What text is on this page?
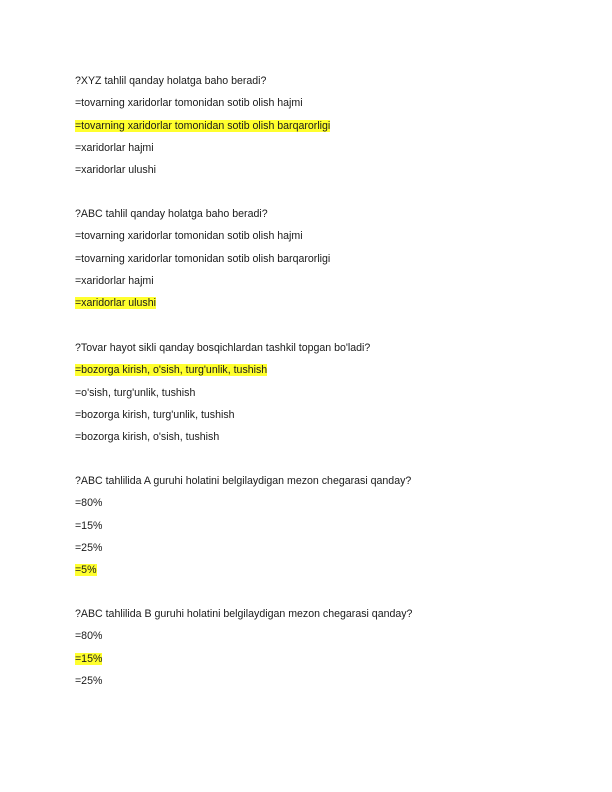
?XYZ tahlil qanday holatga baho beradi?
=tovarning xaridorlar tomonidan sotib olish hajmi
=tovarning xaridorlar tomonidan sotib olish barqarorligi
=xaridorlar hajmi
=xaridorlar ulushi
?ABC tahlil qanday holatga baho beradi?
=tovarning xaridorlar tomonidan sotib olish hajmi
=tovarning xaridorlar tomonidan sotib olish barqarorligi
=xaridorlar hajmi
=xaridorlar ulushi
?Tovar hayot sikli qanday bosqichlardan tashkil topgan bo'ladi?
=bozorga kirish, o'sish, turg'unlik, tushish
=o'sish, turg'unlik, tushish
=bozorga kirish, turg'unlik, tushish
=bozorga kirish, o'sish, tushish
?ABC tahlilida A guruhi holatini belgilaydigan mezon chegarasi qanday?
=80%
=15%
=25%
=5%
?ABC tahlilida B guruhi holatini belgilaydigan mezon chegarasi qanday?
=80%
=15%
=25%
